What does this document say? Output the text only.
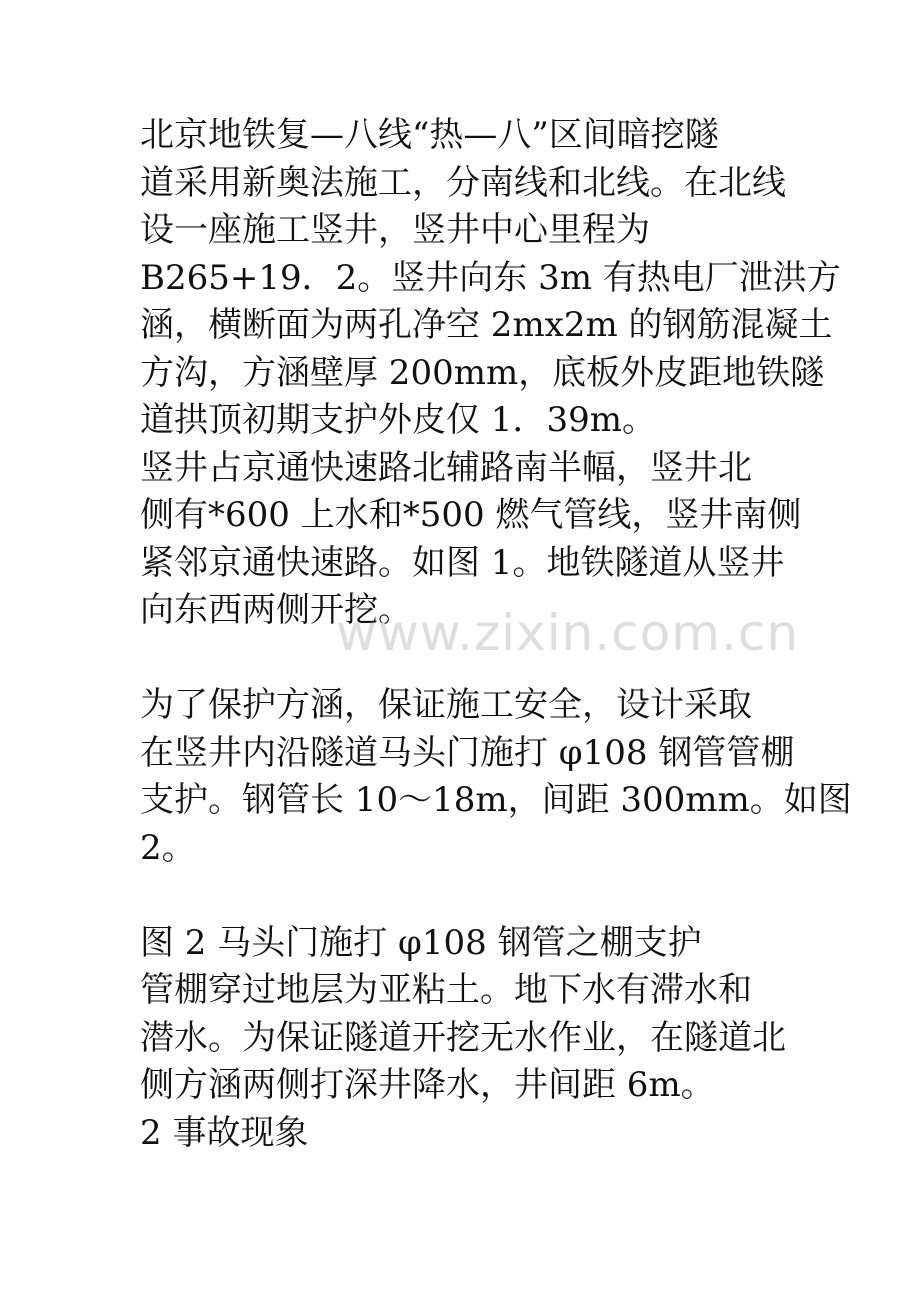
北京地铁复—八线“热—八”区间暗挖隧
道采用新奥法施工，分南线和北线。在北线
设一座施工竖井，竖井中心里程为
B265+19．2。竖井向东 3m 有热电厂泄洪方
涵，横断面为两孔净空 2mx2m 的钢筋混凝土
方沟，方涵壁厚 200mm，底板外皮距地铁隧
道拱顶初期支护外皮仅 1．39m。
竖井占京通快速路北辅路南半幅，竖井北
侧有*600 上水和*500 燃气管线，竖井南侧
紧邻京通快速路。如图 1。地铁隧道从竖井
向东西两侧开挖。
为了保护方涵，保证施工安全，设计采取
在竖井内沿隧道马头门施打 φ108 钢管管棚
支护。钢管长 10～18m，间距 300mm。如图
2。
图 2 马头门施打 φ108 钢管之棚支护
管棚穿过地层为亚粘土。地下水有滞水和
潜水。为保证隧道开挖无水作业，在隧道北
侧方涵两侧打深井降水，井间距 6m。
2 事故现象
www.zixin.com.cn
